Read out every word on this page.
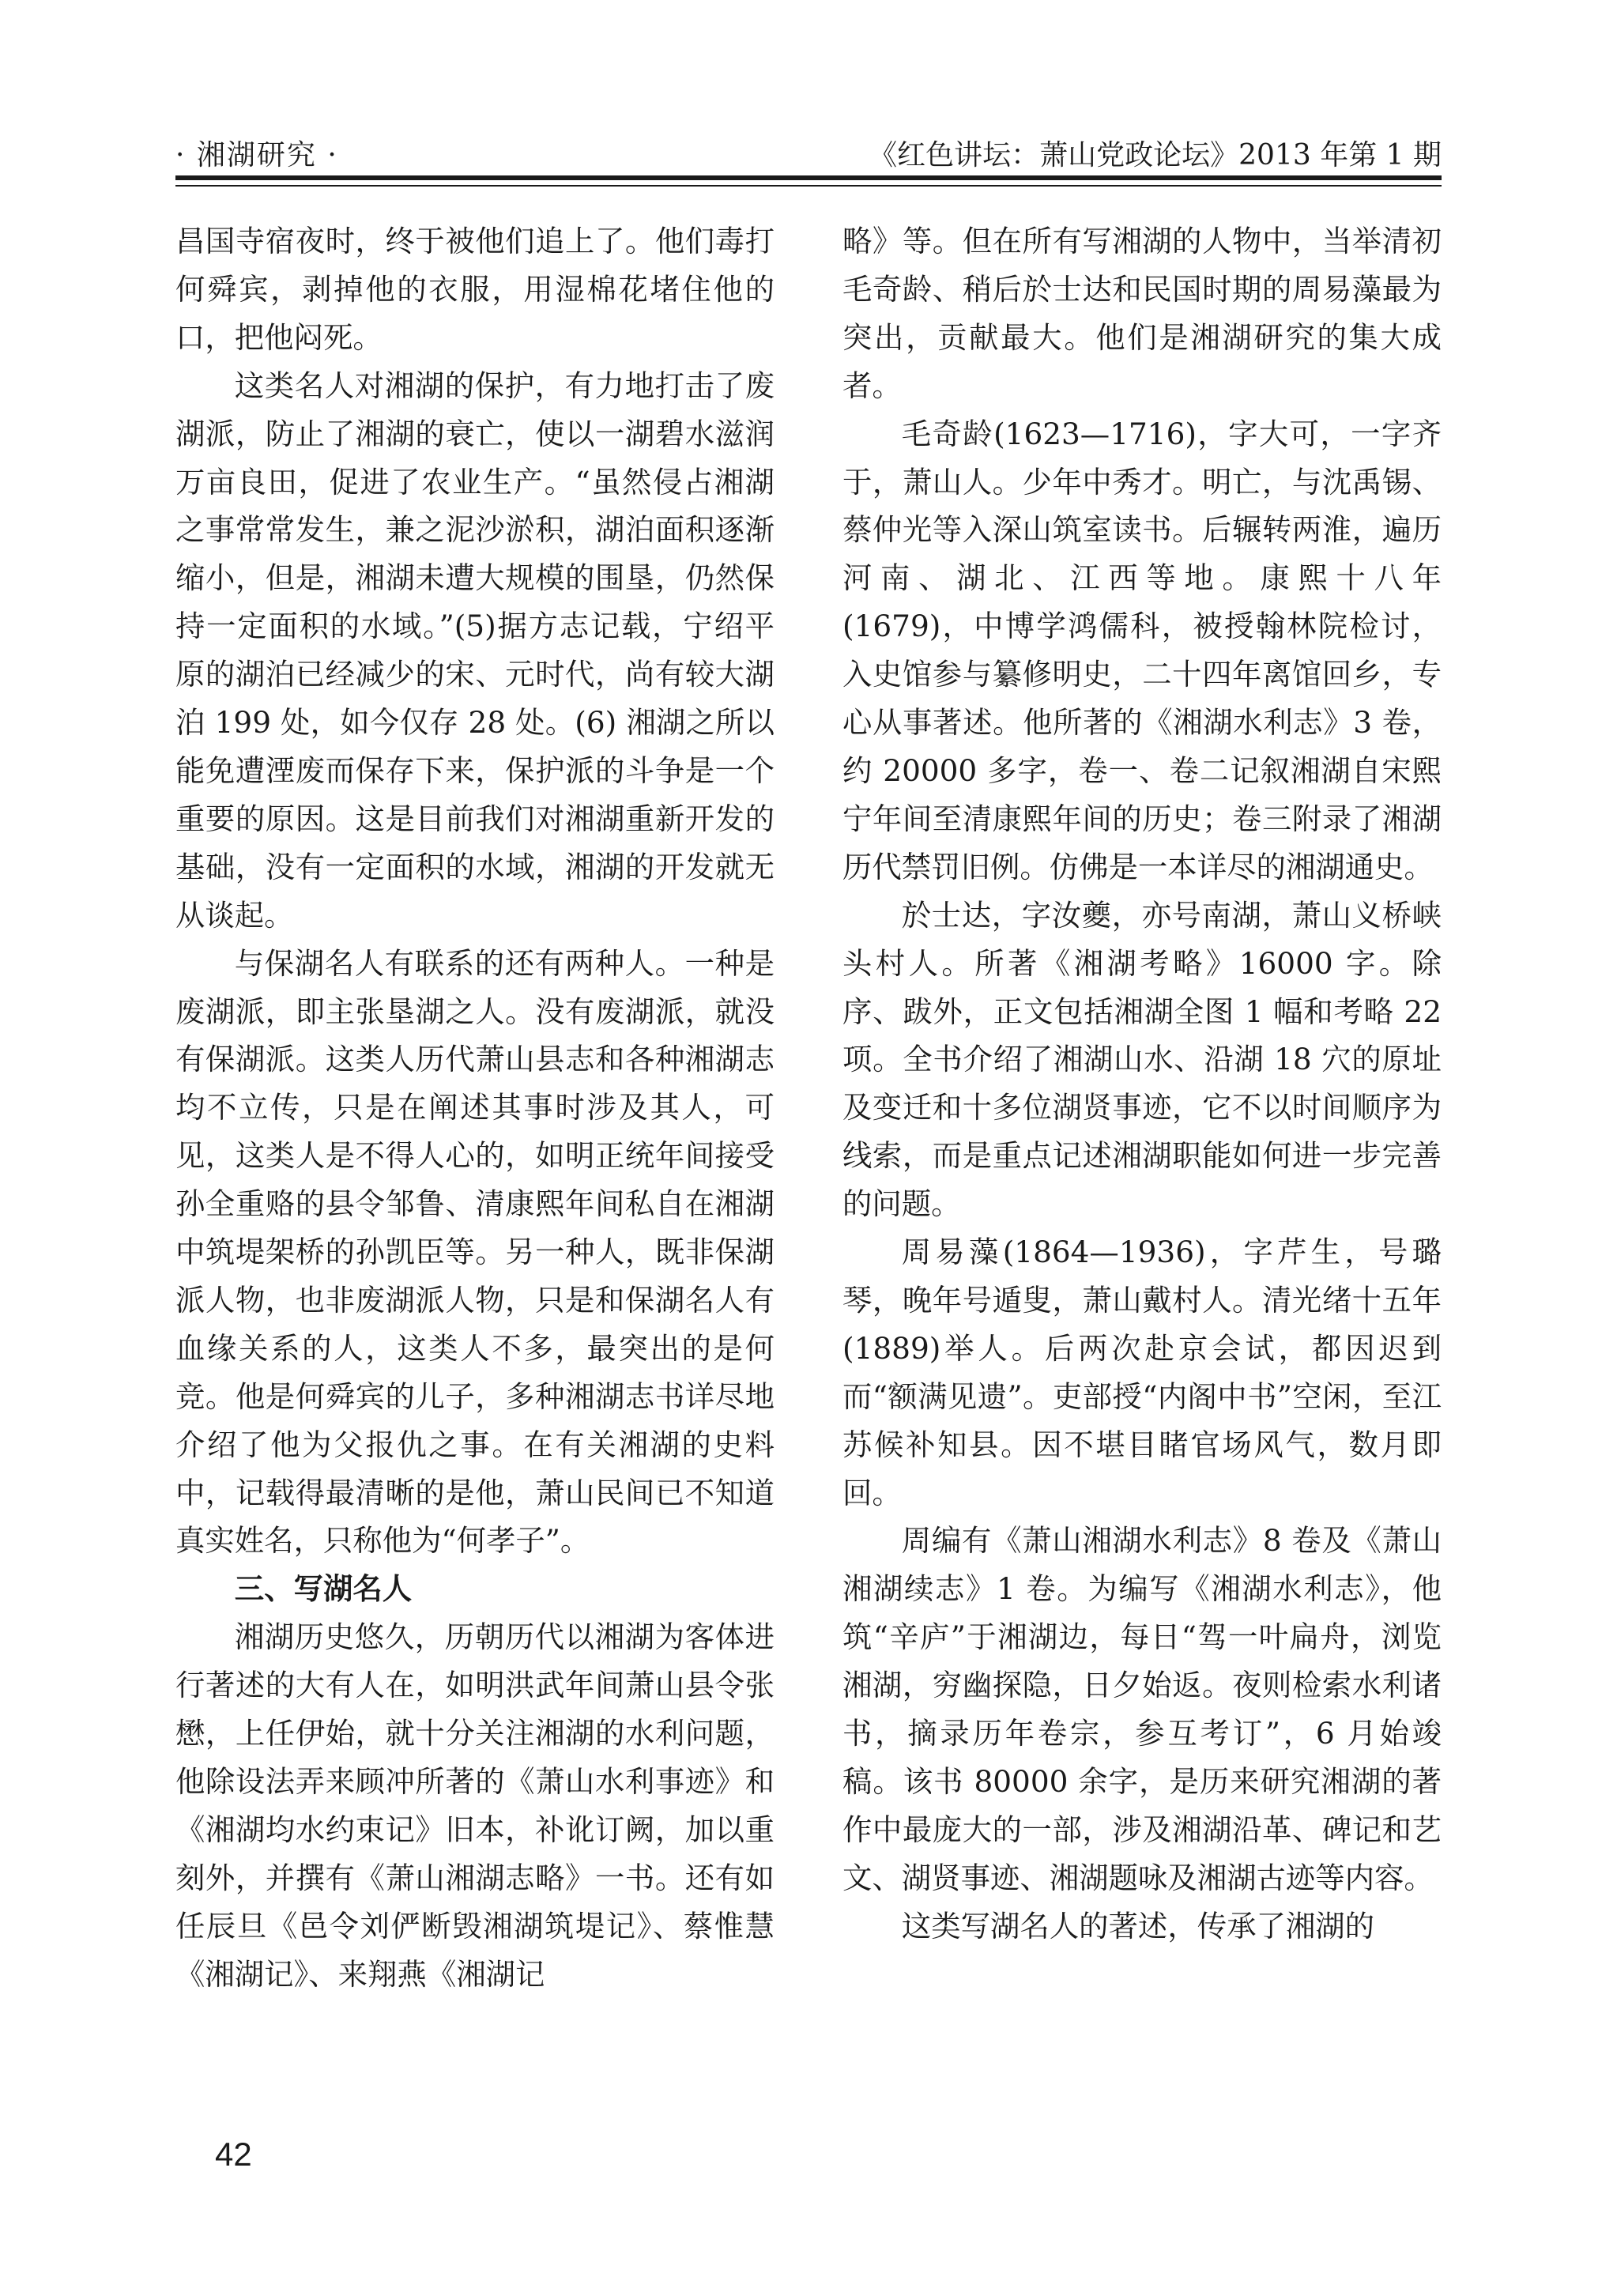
· 湘湖研究 ·	《红色讲坛：萧山党政论坛》2013 年第 1 期

昌国寺宿夜时，终于被他们追上了。他们毒打何舜宾，剥掉他的衣服，用湿棉花堵住他的口，把他闷死。

这类名人对湘湖的保护，有力地打击了废湖派，防止了湘湖的衰亡，使以一湖碧水滋润万亩良田，促进了农业生产。“虽然侵占湘湖之事常常发生，兼之泥沙淤积，湖泊面积逐渐缩小，但是，湘湖未遭大规模的围垦，仍然保持一定面积的水域。”(5)据方志记载，宁绍平原的湖泊已经减少的宋、元时代，尚有较大湖泊 199 处，如今仅存 28 处。(6) 湘湖之所以能免遭湮废而保存下来，保护派的斗争是一个重要的原因。这是目前我们对湘湖重新开发的基础，没有一定面积的水域，湘湖的开发就无从谈起。

与保湖名人有联系的还有两种人。一种是废湖派，即主张垦湖之人。没有废湖派，就没有保湖派。这类人历代萧山县志和各种湘湖志均不立传，只是在阐述其事时涉及其人，可见，这类人是不得人心的，如明正统年间接受孙全重赂的县令邹鲁、清康熙年间私自在湘湖中筑堤架桥的孙凯臣等。另一种人，既非保湖派人物，也非废湖派人物，只是和保湖名人有血缘关系的人，这类人不多，最突出的是何竞。他是何舜宾的儿子，多种湘湖志书详尽地介绍了他为父报仇之事。在有关湘湖的史料中，记载得最清晰的是他，萧山民间已不知道真实姓名，只称他为“何孝子”。

三、写湖名人

湘湖历史悠久，历朝历代以湘湖为客体进行著述的大有人在，如明洪武年间萧山县令张懋，上任伊始，就十分关注湘湖的水利问题，他除设法弄来顾冲所著的《萧山水利事迹》和《湘湖均水约束记》旧本，补讹订阙，加以重刻外，并撰有《萧山湘湖志略》一书。还有如任辰旦《邑令刘俨断毁湘湖筑堤记》、蔡惟慧《湘湖记》、来翔燕《湘湖记

略》等。但在所有写湘湖的人物中，当举清初毛奇龄、稍后於士达和民国时期的周易藻最为突出，贡献最大。他们是湘湖研究的集大成者。

毛奇龄(1623—1716)，字大可，一字齐于，萧山人。少年中秀才。明亡，与沈禹锡、蔡仲光等入深山筑室读书。后辗转两淮，遍历河南、湖北、江西等地。康熙十八年(1679)，中博学鸿儒科，被授翰林院检讨，入史馆参与纂修明史，二十四年离馆回乡，专心从事著述。他所著的《湘湖水利志》3 卷，约 20000 多字，卷一、卷二记叙湘湖自宋熙宁年间至清康熙年间的历史；卷三附录了湘湖历代禁罚旧例。仿佛是一本详尽的湘湖通史。

於士达，字汝夔，亦号南湖，萧山义桥峡头村人。所著《湘湖考略》16000 字。除序、跋外，正文包括湘湖全图 1 幅和考略 22 项。全书介绍了湘湖山水、沿湖 18 穴的原址及变迁和十多位湖贤事迹，它不以时间顺序为线索，而是重点记述湘湖职能如何进一步完善的问题。

周易藻(1864—1936)，字芹生，号璐琴，晚年号遁叟，萧山戴村人。清光绪十五年(1889)举人。后两次赴京会试，都因迟到而“额满见遗”。吏部授“内阁中书”空闲，至江苏候补知县。因不堪目睹官场风气，数月即回。

周编有《萧山湘湖水利志》8 卷及《萧山湘湖续志》1 卷。为编写《湘湖水利志》，他筑“辛庐”于湘湖边，每日“驾一叶扁舟，浏览湘湖，穷幽探隐，日夕始返。夜则检索水利诸书，摘录历年卷宗，参互考订”，6 月始竣稿。该书 80000 余字，是历来研究湘湖的著作中最庞大的一部，涉及湘湖沿革、碑记和艺文、湖贤事迹、湘湖题咏及湘湖古迹等内容。

这类写湖名人的著述，传承了湘湖的

42
